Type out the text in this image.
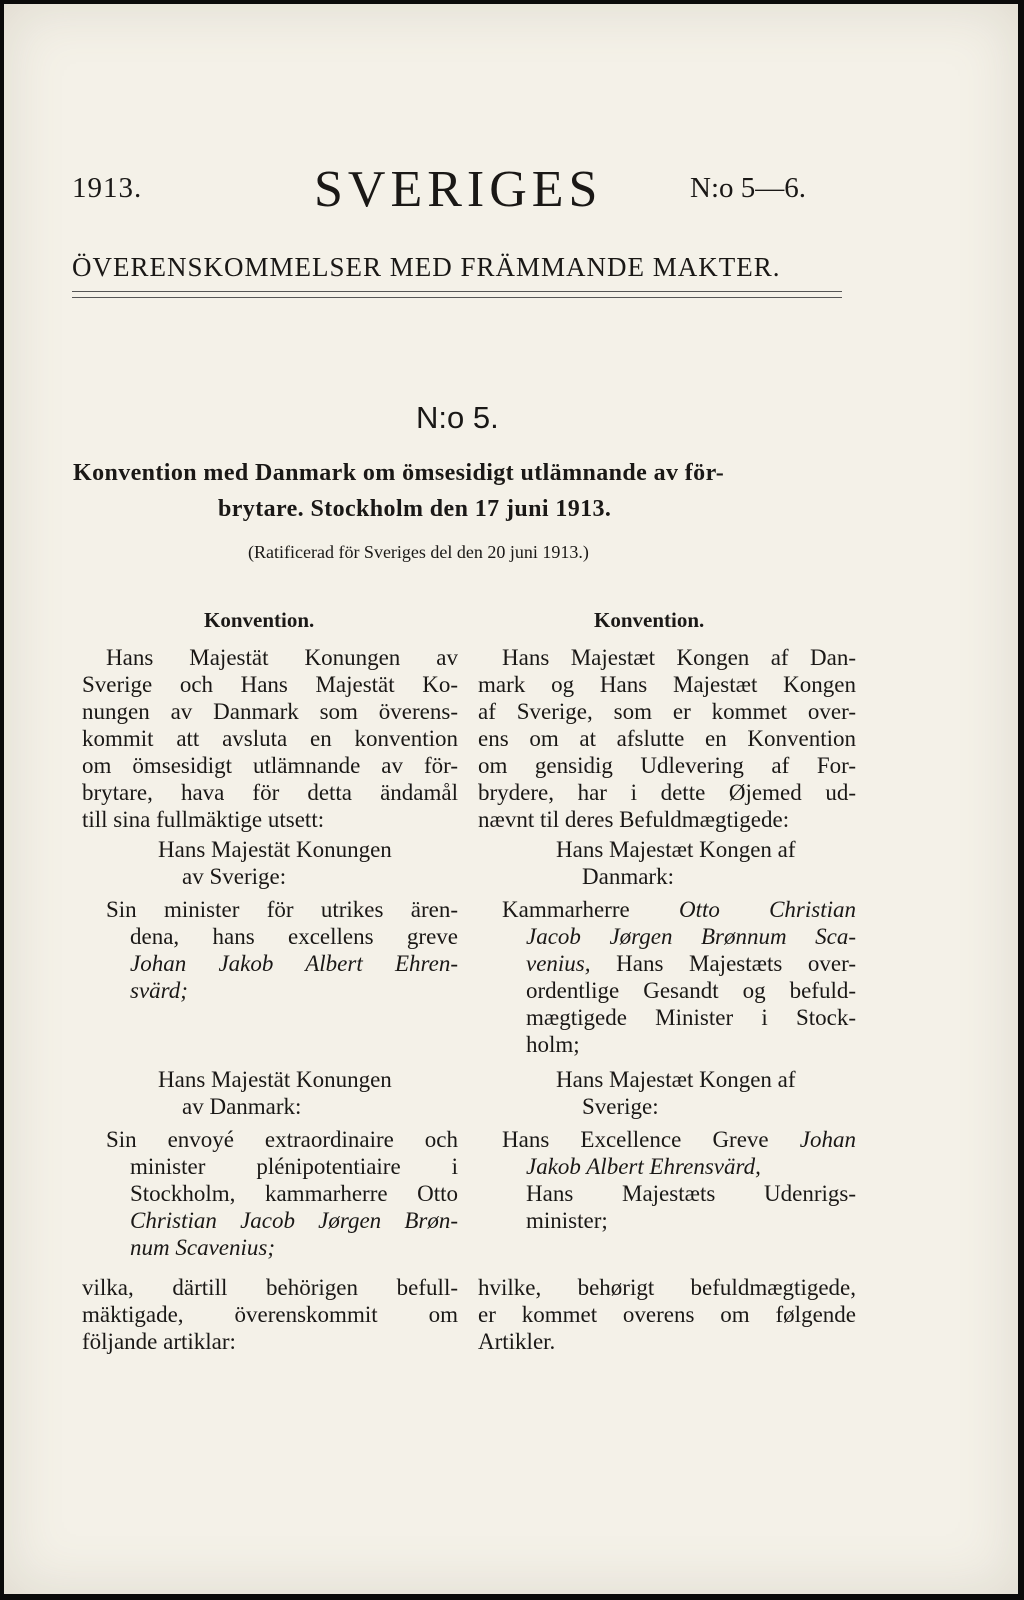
1913.	SVERIGES	N:o 5—6.
ÖVERENSKOMMELSER MED FRÄMMANDE MAKTER.
N:o 5.
Konvention med Danmark om ömsesidigt utlämnande av för-
brytare. Stockholm den 17 juni 1913.
(Ratificerad för Sveriges del den 20 juni 1913.)
Konvention.	Konvention.
Hans Majestät Konungen av
Sverige och Hans Majestät Ko-
nungen av Danmark som överens-
kommit att avsluta en konvention
om ömsesidigt utlämnande av för-
brytare, hava för detta ändamål
till sina fullmäktige utsett:
Hans Majestät Konungen
av Sverige:
Sin minister för utrikes ären-
dena, hans excellens greve
Johan Jakob Albert Ehren-
svärd;
Hans Majestät Konungen
av Danmark:
Sin envoyé extraordinaire och
minister plénipotentiaire i
Stockholm, kammarherre Otto
Christian Jacob Jørgen Brøn-
num Scavenius;
vilka, därtill behörigen befull-
mäktigade, överenskommit om
följande artiklar:
Hans Majestæt Kongen af Dan-
mark og Hans Majestæt Kongen
af Sverige, som er kommet over-
ens om at afslutte en Konvention
om gensidig Udlevering af For-
brydere, har i dette Øjemed ud-
nævnt til deres Befuldmægtigede:
Hans Majestæt Kongen af
Danmark:
Kammarherre Otto Christian
Jacob Jørgen Brønnum Sca-
venius, Hans Majestæts over-
ordentlige Gesandt og befuld-
mægtigede Minister i Stock-
holm;
Hans Majestæt Kongen af
Sverige:
Hans Excellence Greve Johan
Jakob Albert Ehrensvärd,
Hans Majestæts Udenrigs-
minister;
hvilke, behørigt befuldmægtigede,
er kommet overens om følgende
Artikler.
